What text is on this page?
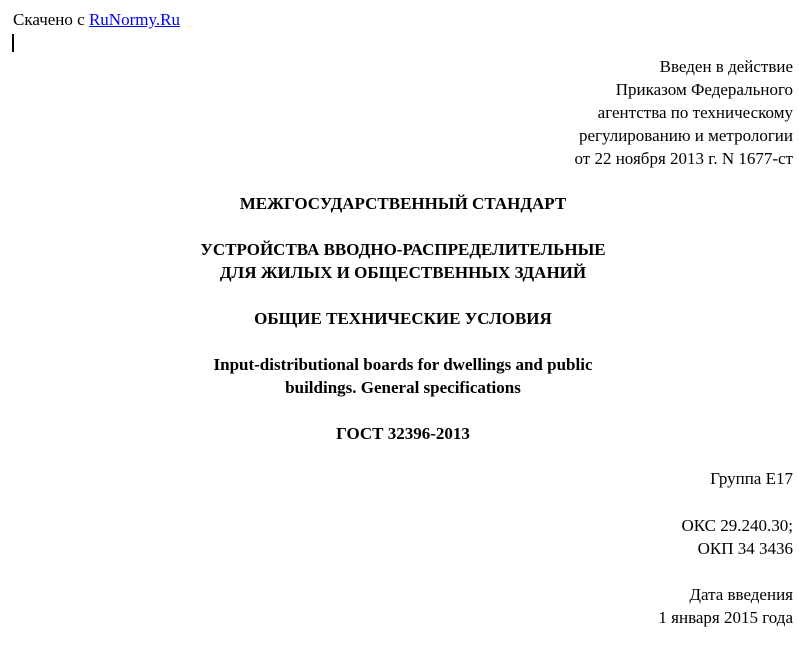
Скачено с RuNormy.Ru
Введен в действие
Приказом Федерального
агентства по техническому
регулированию и метрологии
от 22 ноября 2013 г. N 1677-ст
МЕЖГОСУДАРСТВЕННЫЙ СТАНДАРТ
УСТРОЙСТВА ВВОДНО-РАСПРЕДЕЛИТЕЛЬНЫЕ
ДЛЯ ЖИЛЫХ И ОБЩЕСТВЕННЫХ ЗДАНИЙ
ОБЩИЕ ТЕХНИЧЕСКИЕ УСЛОВИЯ
Input-distributional boards for dwellings and public
buildings. General specifications
ГОСТ 32396-2013
Группа Е17
ОКС 29.240.30;
ОКП 34 3436
Дата введения
1 января 2015 года
